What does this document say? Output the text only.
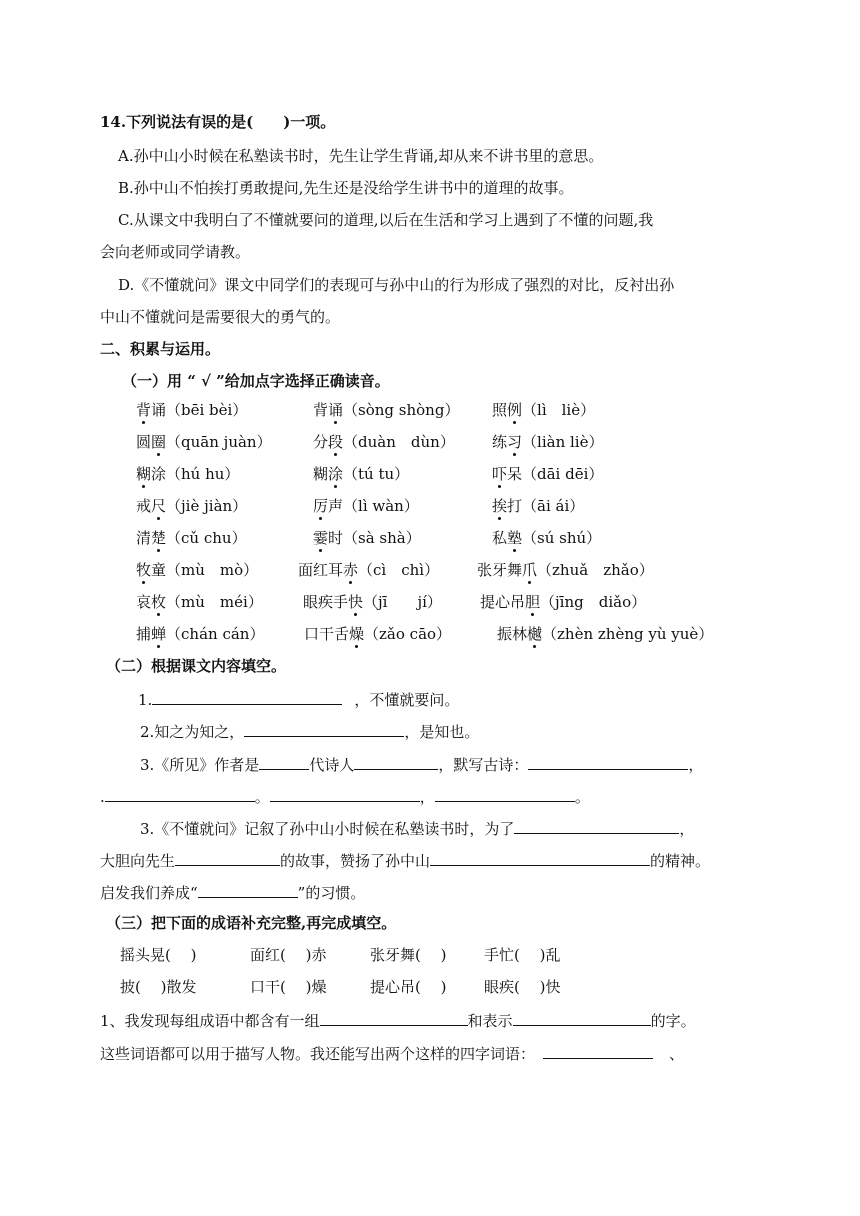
14.下列说法有误的是(　　)一项。
A.孙中山小时候在私塾读书时，先生让学生背诵,却从来不讲书里的意思。
B.孙中山不怕挨打勇敢提问,先生还是没给学生讲书中的道理的故事。
C.从课文中我明白了不懂就要问的道理,以后在生活和学习上遇到了不懂的问题,我
会向老师或同学请教。
D.《不懂就问》课文中同学们的表现可与孙中山的行为形成了强烈的对比，反衬出孙
中山不懂就问是需要很大的勇气的。
二、积累与运用。
（一）用 “ √ ”给加点字选择正确读音。
背诵（bēi bèi）	背诵（sòng shòng） 照例（lì　liè）
圆圈（quān juàn）	分段（duàn　dùn） 练习（liàn liè）
糊涂（hú hu）	糊涂（tú tu）	吓呆（dāi dēi）
戒尺（jiè jiàn）	厉声（lì wàn）	挨打（āi ái）
清楚（cǔ chu）	霎时（sà shà）	私塾（sú shú）
牧童（mù　mò）	面红耳赤（cì　chì）	张牙舞爪（zhuǎ　zhǎo）
哀枚（mù　méi）	眼疾手快（jī　　jí）	提心吊胆（jīng　diǎo）
捕蝉（chán cán）	口干舌燥（zǎo cāo）	振林樾（zhèn zhèng yù yuè）
（二）根据课文内容填空。
1.	，不懂就要问。
2.知之为知之，	，是知也。
3.《所见》作者是	代诗人	，默写古诗：	，
.	。	，	。
3.《不懂就问》记叙了孙中山小时候在私塾读书时，为了	，
大胆向先生	的故事，赞扬了孙中山	的精神。
启发我们养成“	”的习惯。
（三）把下面的成语补充完整,再完成填空。
摇头晃(　 )	面红(　 )赤	张牙舞(　 )	手忙(　 )乱
披(　 )散发	口干(　 )燥	提心吊(　 )	眼疾(　 )快
1、我发现每组成语中都含有一组	和表示	的字。
这些词语都可以用于描写人物。我还能写出两个这样的四字词语：	、
